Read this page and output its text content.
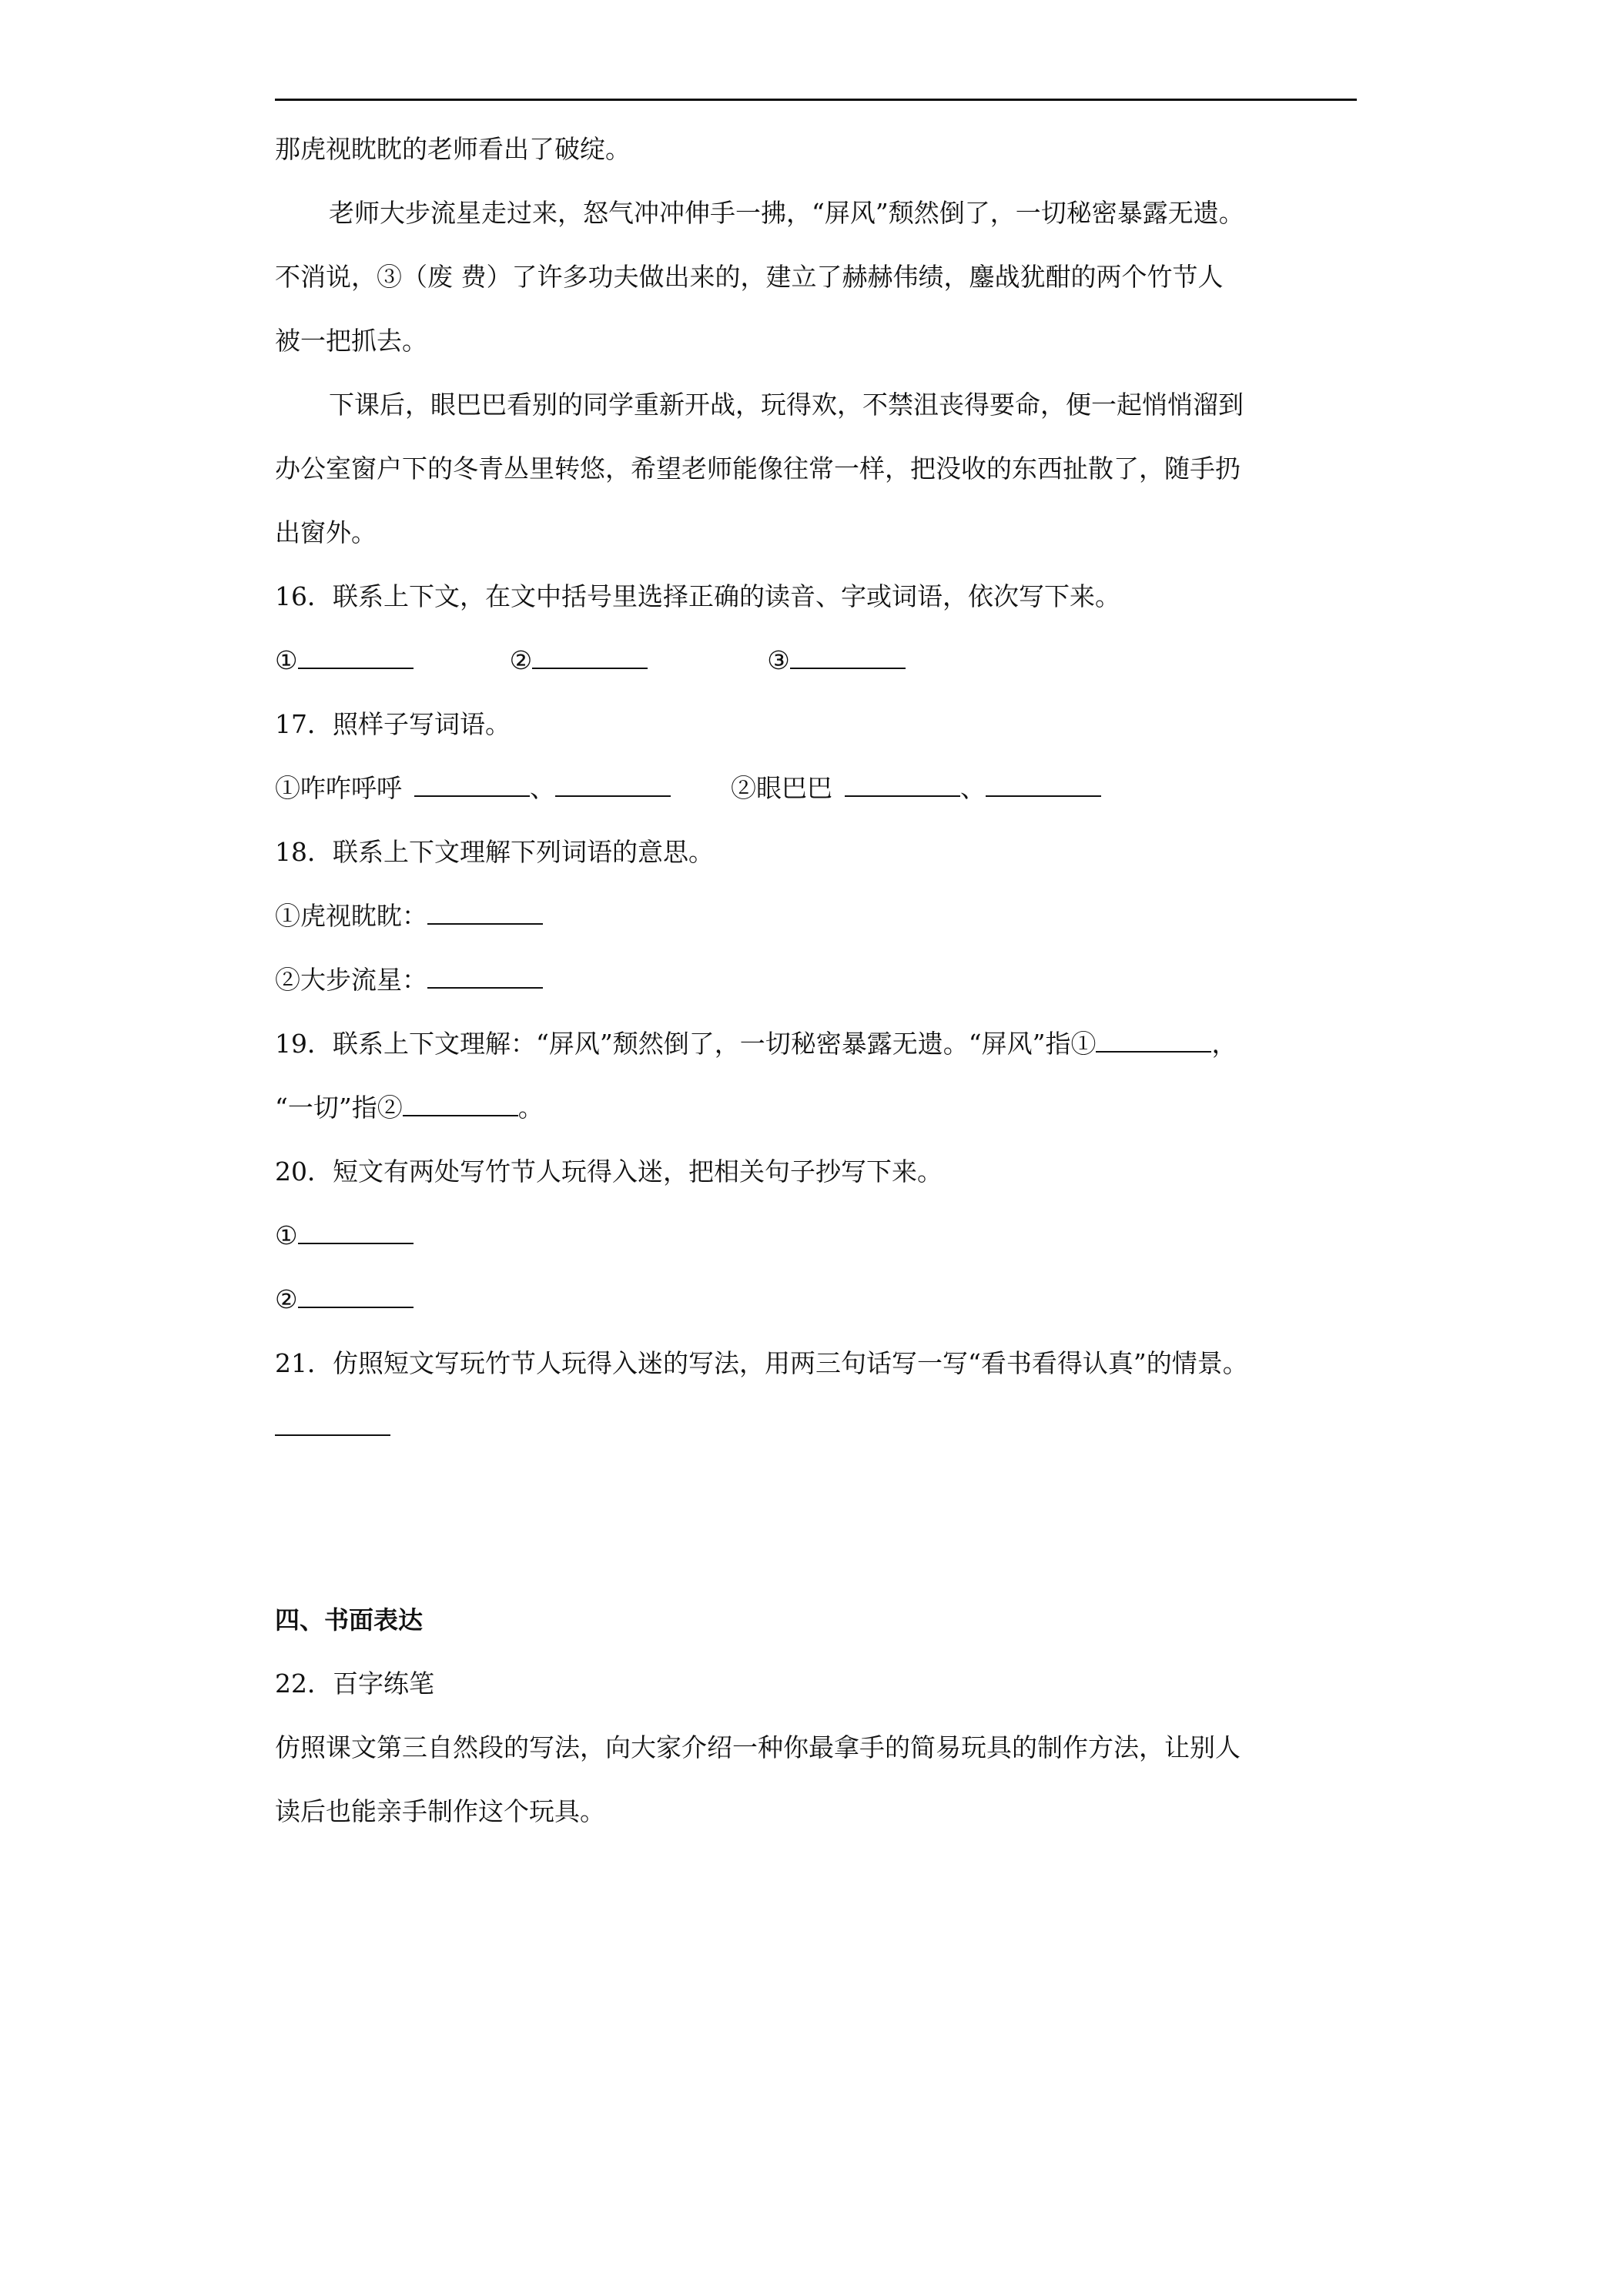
那虎视眈眈的老师看出了破绽。
老师大步流星走过来，怒气冲冲伸手一拂，“屏风”颓然倒了，一切秘密暴露无遗。
不消说，③（废 费）了许多功夫做出来的，建立了赫赫伟绩，鏖战犹酣的两个竹节人
被一把抓去。
下课后，眼巴巴看别的同学重新开战，玩得欢，不禁沮丧得要命，便一起悄悄溜到
办公室窗户下的冬青丛里转悠，希望老师能像往常一样，把没收的东西扯散了，随手扔
出窗外。
16．联系上下文，在文中括号里选择正确的读音、字或词语，依次写下来。
①	②	③
17．照样子写词语。
①咋咋呼呼	、	②眼巴巴	、
18．联系上下文理解下列词语的意思。
①虎视眈眈：
②大步流星：
19．联系上下文理解：“屏风”颓然倒了，一切秘密暴露无遗。“屏风”指①	，
“一切”指②	。
20．短文有两处写竹节人玩得入迷，把相关句子抄写下来。
①
②
21．仿照短文写玩竹节人玩得入迷的写法，用两三句话写一写“看书看得认真”的情景。
四、书面表达
22．百字练笔
仿照课文第三自然段的写法，向大家介绍一种你最拿手的简易玩具的制作方法，让别人
读后也能亲手制作这个玩具。
